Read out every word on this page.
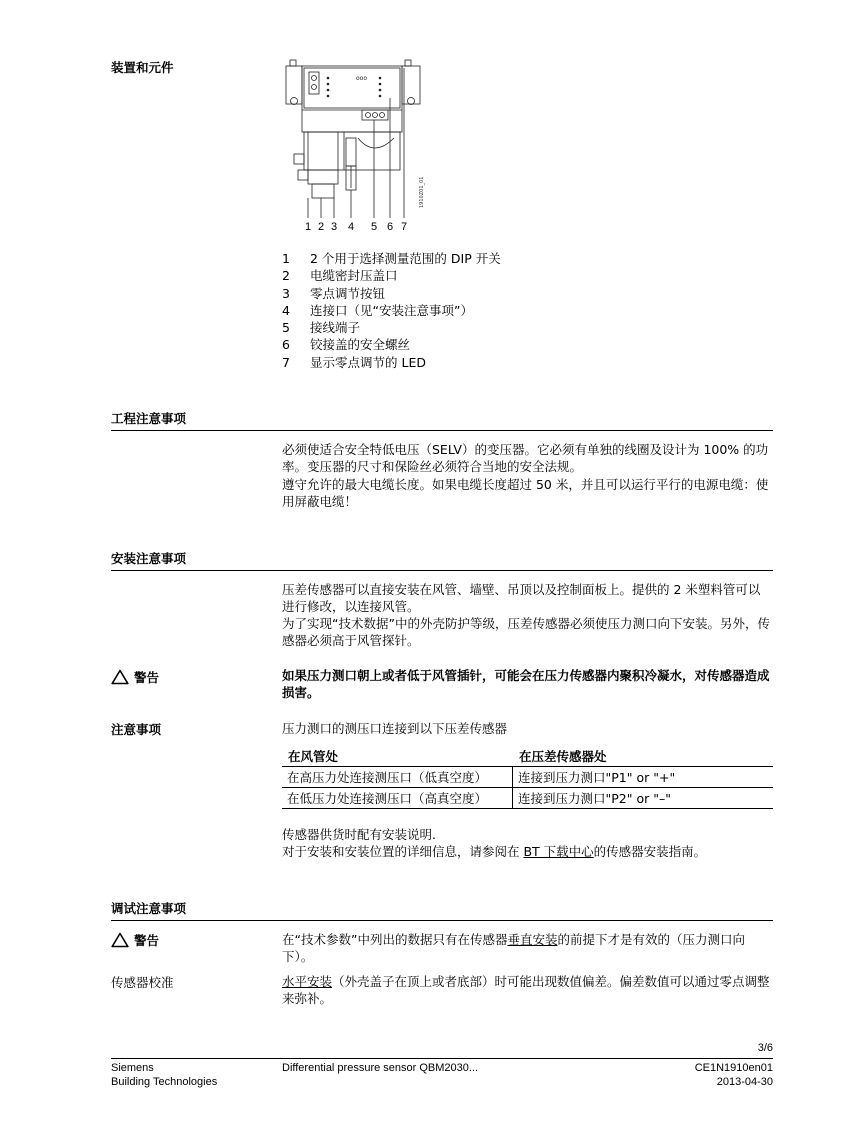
装置和元件
ooo
1910Z01_01
1 2 3 4 5 6 7
1	2 个用于选择测量范围的 DIP 开关
2	电缆密封压盖口
3	零点调节按钮
4	连接口（见“安装注意事项”）
5	接线端子
6	铰接盖的安全螺丝
7	显示零点调节的 LED
工程注意事项
必须使适合安全特低电压（SELV）的变压器。它必须有单独的线圈及设计为 100% 的功率。变压器的尺寸和保险丝必须符合当地的安全法规。
遵守允许的最大电缆长度。如果电缆长度超过 50 米，并且可以运行平行的电源电缆：使用屏蔽电缆！
安装注意事项
压差传感器可以直接安装在风管、墙壁、吊顶以及控制面板上。提供的 2 米塑料管可以进行修改，以连接风管。
为了实现“技术数据”中的外壳防护等级，压差传感器必须使压力测口向下安装。另外，传感器必须高于风管探针。
警告	如果压力测口朝上或者低于风管插针，可能会在压力传感器内聚积冷凝水，对传感器造成损害。
注意事项	压力测口的测压口连接到以下压差传感器
在风管处	在压差传感器处
在高压力处连接测压口（低真空度）	连接到压力测口"P1" or "+"
在低压力处连接测压口（高真空度）	连接到压力测口"P2" or "–"
传感器供货时配有安装说明.
对于安装和安装位置的详细信息，请参阅在 BT 下载中心的传感器安装指南。
调试注意事项
警告	在“技术参数”中列出的数据只有在传感器垂直安装的前提下才是有效的（压力测口向下）。
传感器校准	水平安装（外壳盖子在顶上或者底部）时可能出现数值偏差。偏差数值可以通过零点调整来弥补。
3/6
Siemens
Building Technologies
Differential pressure sensor QBM2030...	CE1N1910en01
2013-04-30
